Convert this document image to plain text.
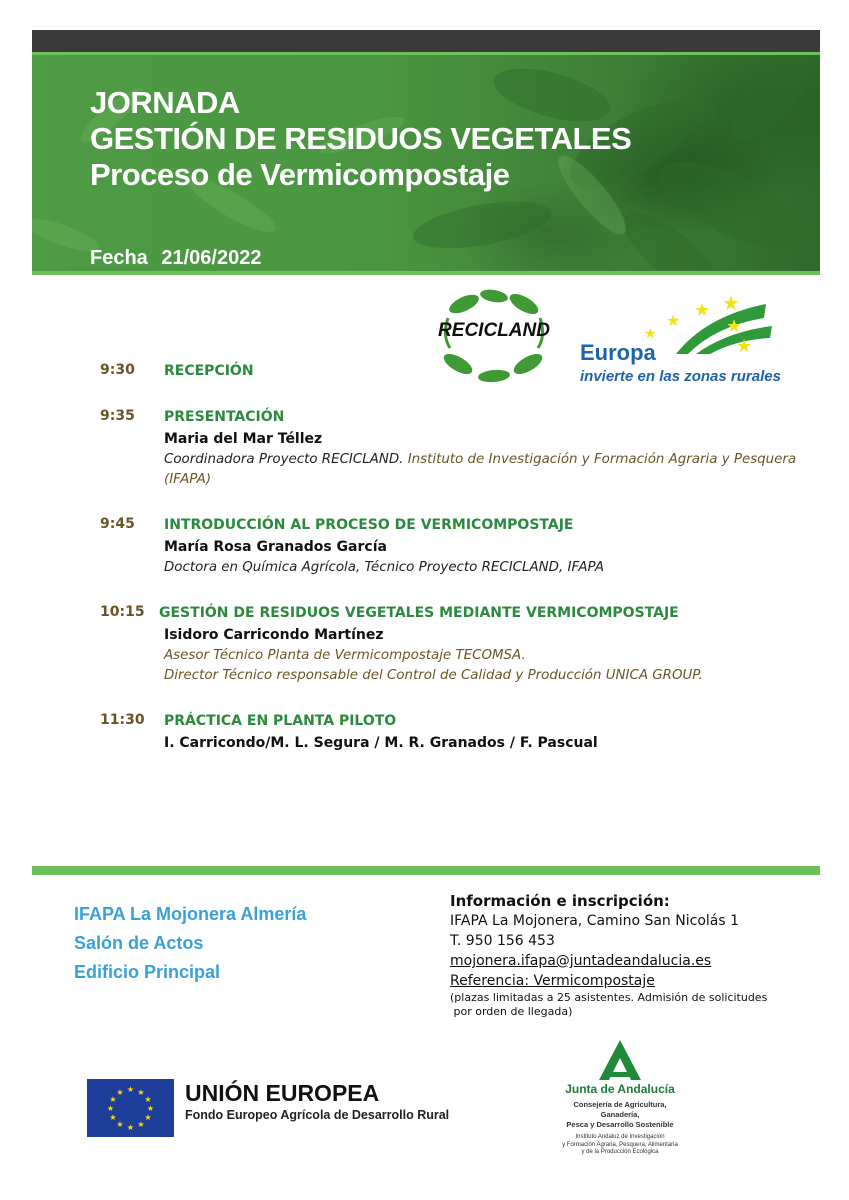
JORNADA
GESTIÓN DE RESIDUOS VEGETALES
Proceso de Vermicompostaje
Fecha 21/06/2022
RECICLAND
★ ★
★
★	★
★
Europa
invierte en las zonas rurales
9:30	RECEPCIÓN
9:35	PRESENTACIÓN
Maria del Mar Téllez
Coordinadora Proyecto RECICLAND. Instituto de Investigación y Formación Agraria y Pesquera (IFAPA)
9:45	INTRODUCCIÓN AL PROCESO DE VERMICOMPOSTAJE
María Rosa Granados García
Doctora en Química Agrícola, Técnico Proyecto RECICLAND, IFAPA
10:15	GESTIÓN DE RESIDUOS VEGETALES MEDIANTE VERMICOMPOSTAJE
Isidoro Carricondo Martínez
Asesor Técnico Planta de Vermicompostaje TECOMSA.
Director Técnico responsable del Control de Calidad y Producción UNICA GROUP.
11:30	PRÁCTICA EN PLANTA PILOTO
I. Carricondo/M. L. Segura / M. R. Granados / F. Pascual
IFAPA La Mojonera Almería
Salón de Actos
Edificio Principal
Información e inscripción:
IFAPA La Mojonera, Camino San Nicolás 1
T. 950 156 453
mojonera.ifapa@juntadeandalucia.es
Referencia: Vermicompostaje
(plazas limitadas a 25 asistentes. Admisión de solicitudes
por orden de llegada)
★ ★
★
★
★
★
★
★
★
★
★
★	UNIÓN EUROPEA
Fondo Europeo Agrícola de Desarrollo Rural
Junta de Andalucía
Consejería de Agricultura, Ganadería,
Pesca y Desarrollo Sostenible
Instituto Andaluz de Investigación
y Formación Agraria, Pesquera, Alimentaria
y de la Producción Ecológica
